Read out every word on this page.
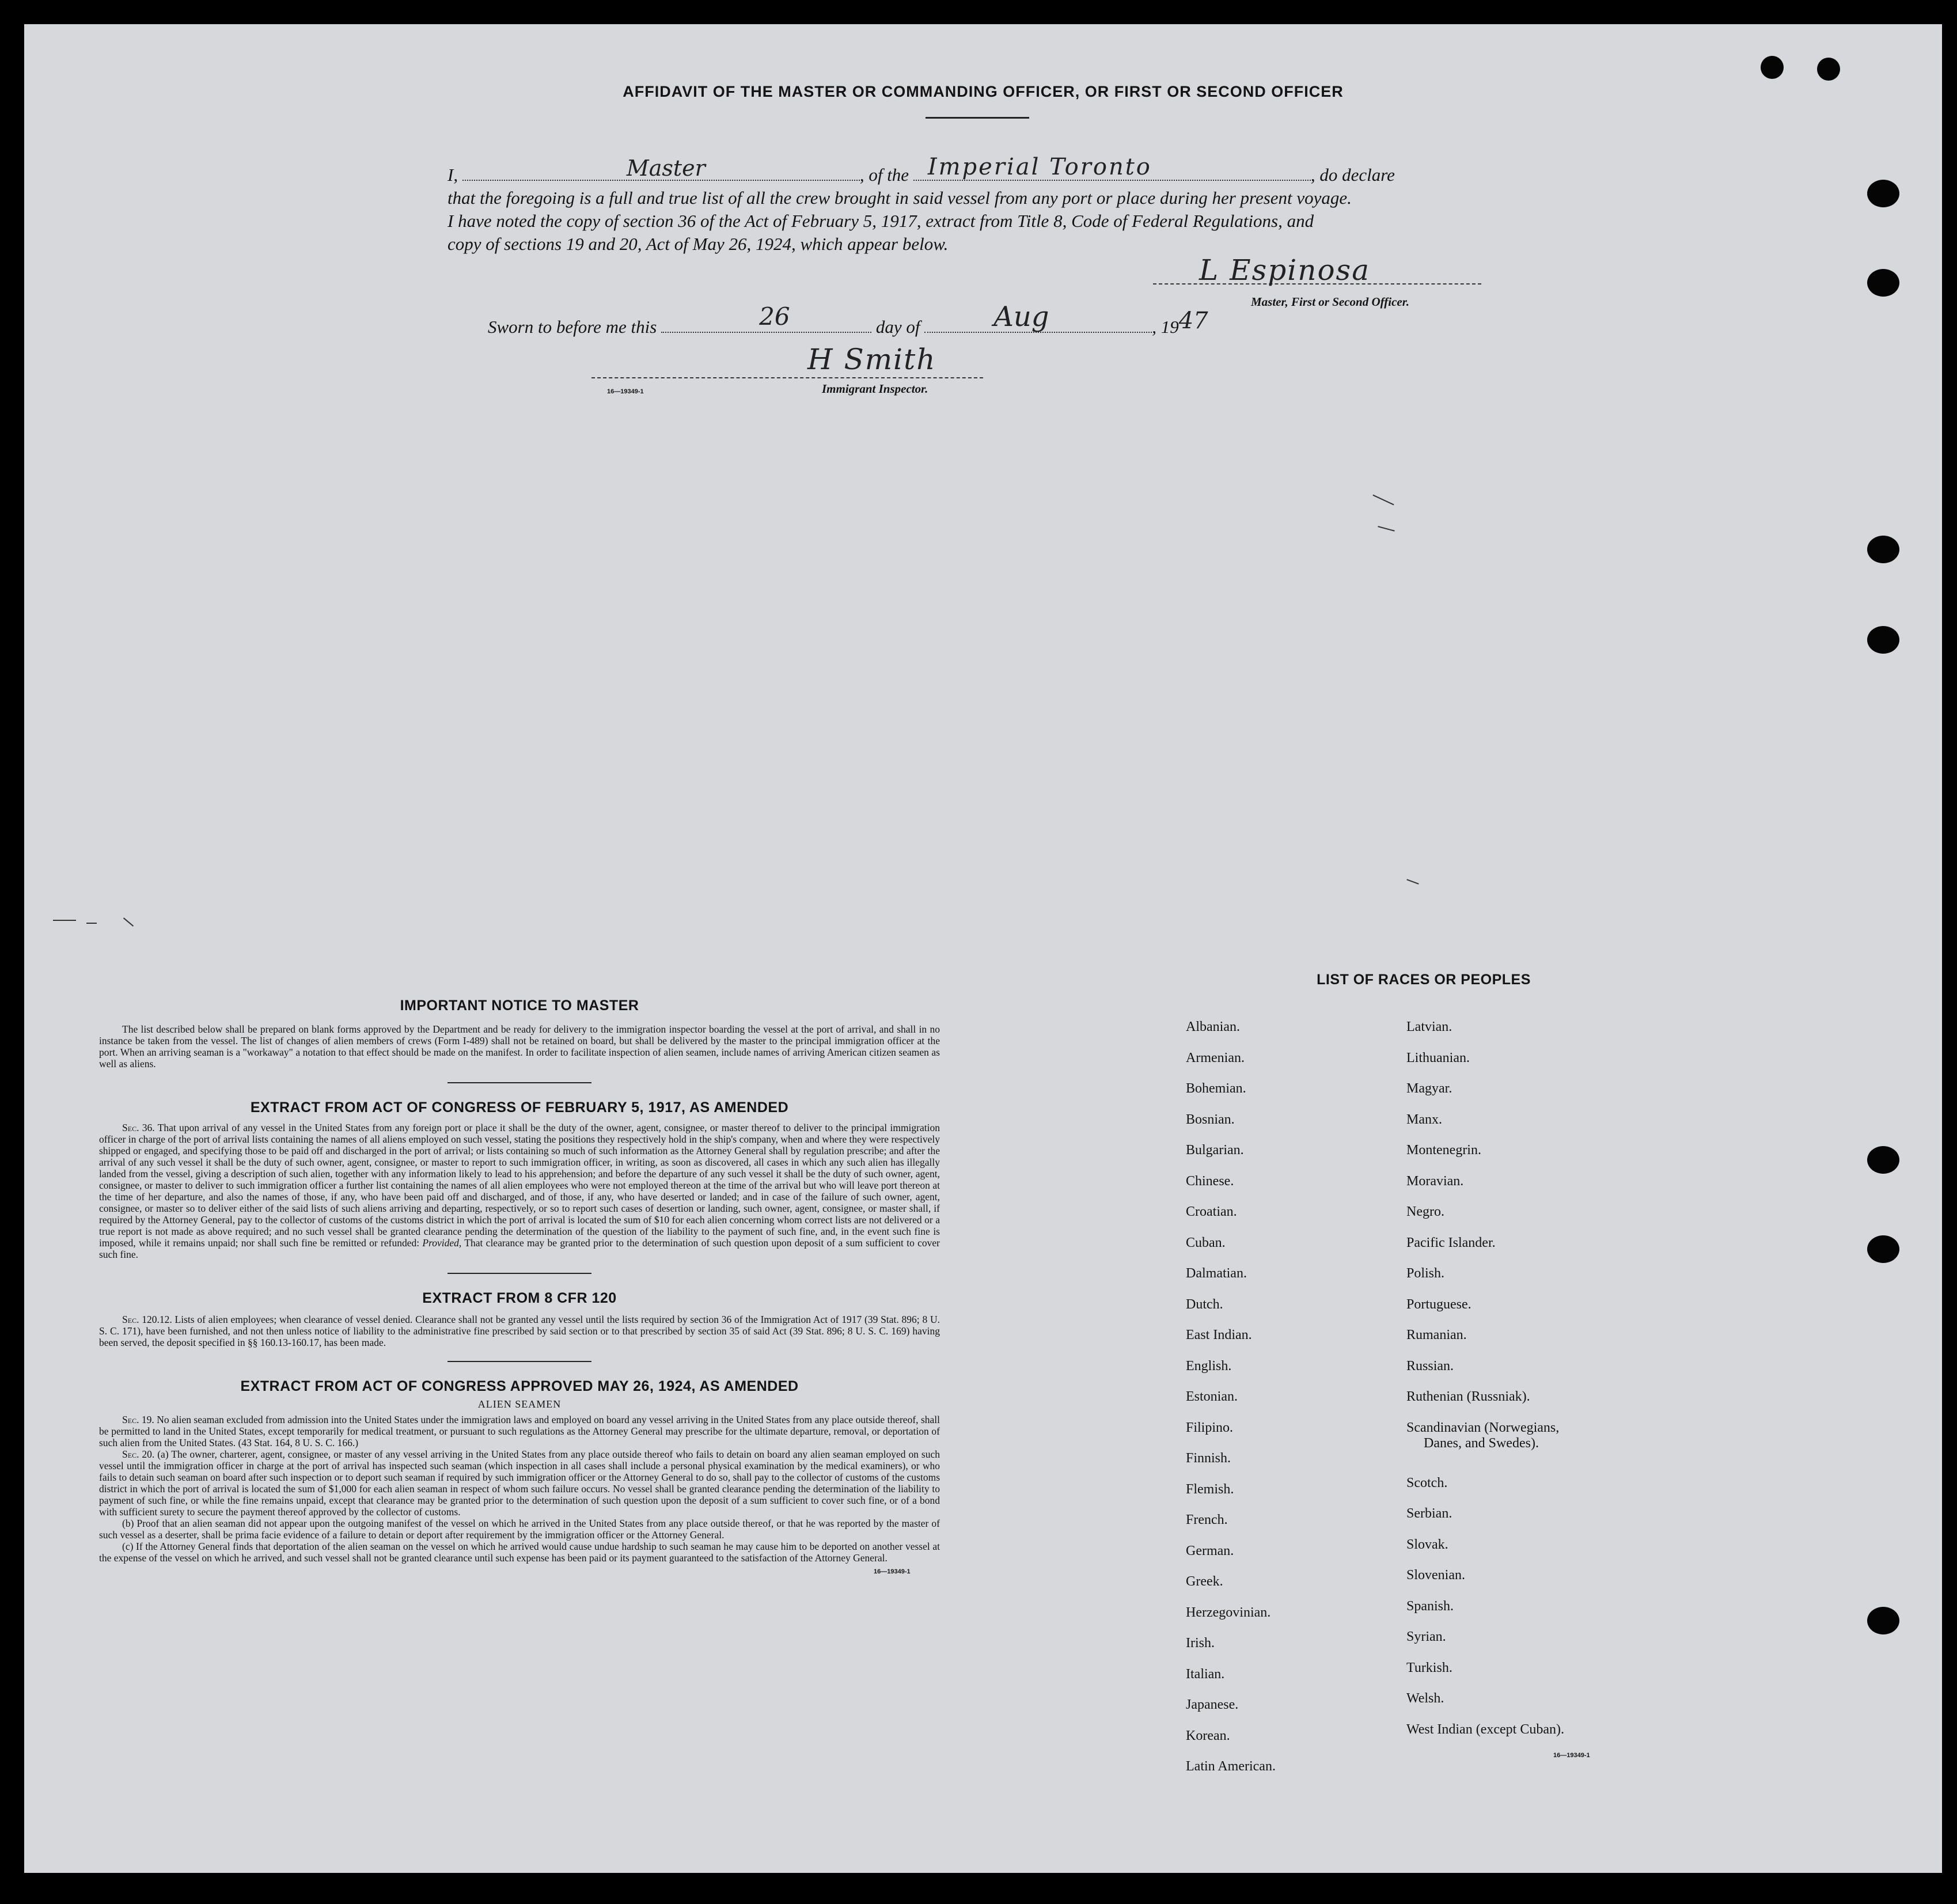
AFFIDAVIT OF THE MASTER OR COMMANDING OFFICER, OR FIRST OR SECOND OFFICER
I,	Master	, of the Imperial Toronto	, do declare
that the foregoing is a full and true list of all the crew brought in said vessel from any port or place during her present voyage.
I have noted the copy of section 36 of the Act of February 5, 1917, extract from Title 8, Code of Federal Regulations, and
copy of sections 19 and 20, Act of May 26, 1924, which appear below.
L Espinosa
Master, First or Second Officer.
Sworn to before me this	26	day of	Aug	, 1947
H Smith
Immigrant Inspector.
16—19349-1
IMPORTANT NOTICE TO MASTER

The list described below shall be prepared on blank forms approved by the Department and be ready for delivery to the immigration inspector boarding the vessel at the port of arrival, and shall in no instance be taken from the vessel. The list of changes of alien members of crews (Form I-489) shall not be retained on board, but shall be delivered by the master to the principal immigration officer at the port. When an arriving seaman is a "workaway" a notation to that effect should be made on the manifest. In order to facilitate inspection of alien seamen, include names of arriving American citizen seamen as well as aliens.

EXTRACT FROM ACT OF CONGRESS OF FEBRUARY 5, 1917, AS AMENDED

Sec. 36. That upon arrival of any vessel in the United States from any foreign port or place it shall be the duty of the owner, agent, consignee, or master thereof to deliver to the principal immigration officer in charge of the port of arrival lists containing the names of all aliens employed on such vessel, stating the positions they respectively hold in the ship's company, when and where they were respectively shipped or engaged, and specifying those to be paid off and discharged in the port of arrival; or lists containing so much of such information as the Attorney General shall by regulation prescribe; and after the arrival of any such vessel it shall be the duty of such owner, agent, consignee, or master to report to such immigration officer, in writing, as soon as discovered, all cases in which any such alien has illegally landed from the vessel, giving a description of such alien, together with any information likely to lead to his apprehension; and before the departure of any such vessel it shall be the duty of such owner, agent, consignee, or master to deliver to such immigration officer a further list containing the names of all alien employees who were not employed thereon at the time of the arrival but who will leave port thereon at the time of her departure, and also the names of those, if any, who have been paid off and discharged, and of those, if any, who have deserted or landed; and in case of the failure of such owner, agent, consignee, or master so to deliver either of the said lists of such aliens arriving and departing, respectively, or so to report such cases of desertion or landing, such owner, agent, consignee, or master shall, if required by the Attorney General, pay to the collector of customs of the customs district in which the port of arrival is located the sum of $10 for each alien concerning whom correct lists are not delivered or a true report is not made as above required; and no such vessel shall be granted clearance pending the determination of the question of the liability to the payment of such fine, and, in the event such fine is imposed, while it remains unpaid; nor shall such fine be remitted or refunded: Provided, That clearance may be granted prior to the determination of such question upon deposit of a sum sufficient to cover such fine.

EXTRACT FROM 8 CFR 120

Sec. 120.12. Lists of alien employees; when clearance of vessel denied. Clearance shall not be granted any vessel until the lists required by section 36 of the Immigration Act of 1917 (39 Stat. 896; 8 U. S. C. 171), have been furnished, and not then unless notice of liability to the administrative fine prescribed by said section or to that prescribed by section 35 of said Act (39 Stat. 896; 8 U. S. C. 169) having been served, the deposit specified in §§ 160.13-160.17, has been made.

EXTRACT FROM ACT OF CONGRESS APPROVED MAY 26, 1924, AS AMENDED
ALIEN SEAMEN

Sec. 19. No alien seaman excluded from admission into the United States under the immigration laws and employed on board any vessel arriving in the United States from any place outside thereof, shall be permitted to land in the United States, except temporarily for medical treatment, or pursuant to such regulations as the Attorney General may prescribe for the ultimate departure, removal, or deportation of such alien from the United States. (43 Stat. 164, 8 U. S. C. 166.)

Sec. 20. (a) The owner, charterer, agent, consignee, or master of any vessel arriving in the United States from any place outside thereof who fails to detain on board any alien seaman employed on such vessel until the immigration officer in charge at the port of arrival has inspected such seaman (which inspection in all cases shall include a personal physical examination by the medical examiners), or who fails to detain such seaman on board after such inspection or to deport such seaman if required by such immigration officer or the Attorney General to do so, shall pay to the collector of customs of the customs district in which the port of arrival is located the sum of $1,000 for each alien seaman in respect of whom such failure occurs. No vessel shall be granted clearance pending the determination of the liability to payment of such fine, or while the fine remains unpaid, except that clearance may be granted prior to the determination of such question upon the deposit of a sum sufficient to cover such fine, or of a bond with sufficient surety to secure the payment thereof approved by the collector of customs.

(b) Proof that an alien seaman did not appear upon the outgoing manifest of the vessel on which he arrived in the United States from any place outside thereof, or that he was reported by the master of such vessel as a deserter, shall be prima facie evidence of a failure to detain or deport after requirement by the immigration officer or the Attorney General.

(c) If the Attorney General finds that deportation of the alien seaman on the vessel on which he arrived would cause undue hardship to such seaman he may cause him to be deported on another vessel at the expense of the vessel on which he arrived, and such vessel shall not be granted clearance until such expense has been paid or its payment guaranteed to the satisfaction of the Attorney General.

16—19349-1
LIST OF RACES OR PEOPLES
Albanian.
Armenian.
Bohemian.
Bosnian.
Bulgarian.
Chinese.
Croatian.
Cuban.
Dalmatian.
Dutch.
East Indian.
English.
Estonian.
Filipino.
Finnish.
Flemish.
French.
German.
Greek.
Herzegovinian.
Irish.
Italian.
Japanese.
Korean.
Latin American.
Latvian.
Lithuanian.
Magyar.
Manx.
Montenegrin.
Moravian.
Negro.
Pacific Islander.
Polish.
Portuguese.
Rumanian.
Russian.
Ruthenian (Russniak).
Scandinavian (Norwegians,
Danes, and Swedes).
Scotch.
Serbian.
Slovak.
Slovenian.
Spanish.
Syrian.
Turkish.
Welsh.
West Indian (except Cuban).
16—19349-1
